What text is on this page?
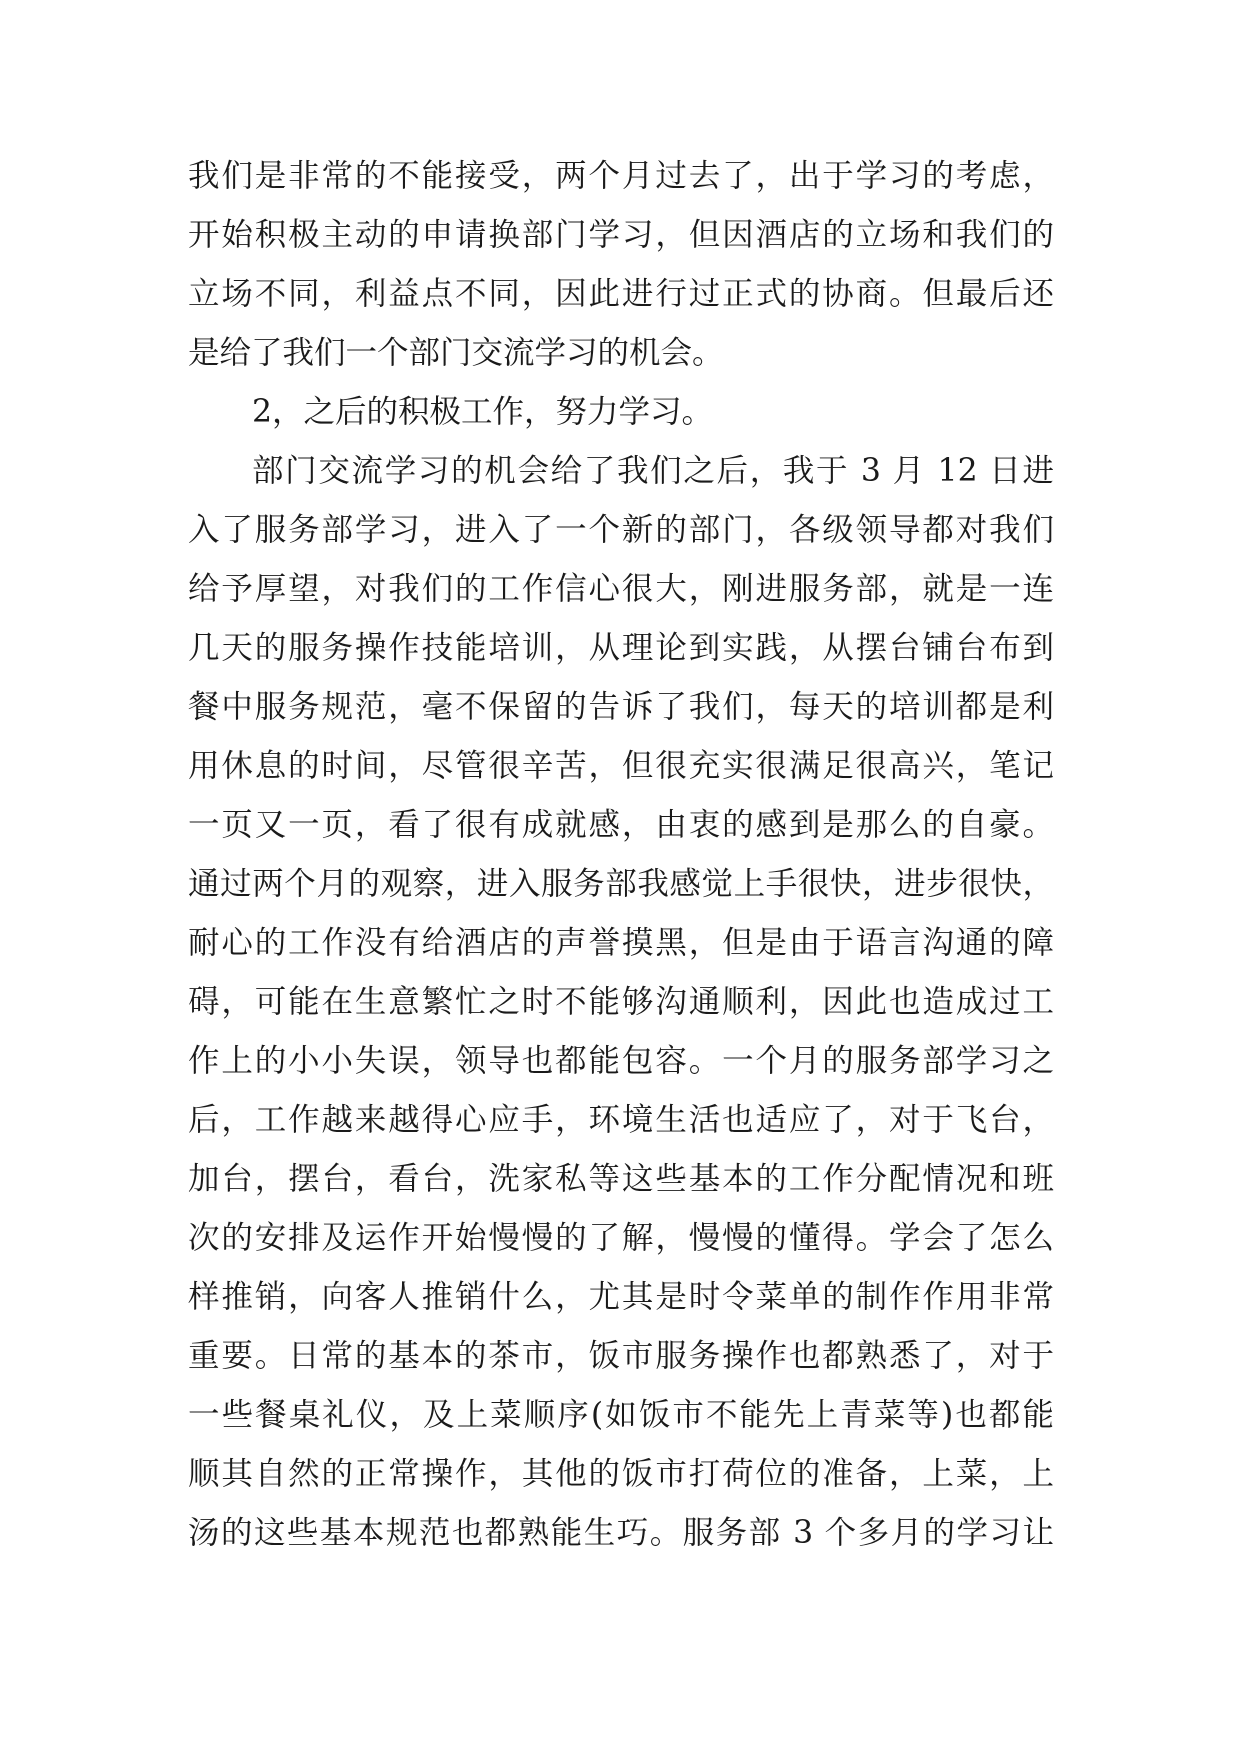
我们是非常的不能接受，两个月过去了，出于学习的考虑，
开始积极主动的申请换部门学习，但因酒店的立场和我们的
立场不同，利益点不同，因此进行过正式的协商。但最后还
是给了我们一个部门交流学习的机会。
2，之后的积极工作，努力学习。
部门交流学习的机会给了我们之后，我于 3 月 12 日进
入了服务部学习，进入了一个新的部门，各级领导都对我们
给予厚望，对我们的工作信心很大，刚进服务部，就是一连
几天的服务操作技能培训，从理论到实践，从摆台铺台布到
餐中服务规范，毫不保留的告诉了我们，每天的培训都是利
用休息的时间，尽管很辛苦，但很充实很满足很高兴，笔记
一页又一页，看了很有成就感，由衷的感到是那么的自豪。
通过两个月的观察，进入服务部我感觉上手很快，进步很快，
耐心的工作没有给酒店的声誉摸黑，但是由于语言沟通的障
碍，可能在生意繁忙之时不能够沟通顺利，因此也造成过工
作上的小小失误，领导也都能包容。一个月的服务部学习之
后，工作越来越得心应手，环境生活也适应了，对于飞台，
加台，摆台，看台，洗家私等这些基本的工作分配情况和班
次的安排及运作开始慢慢的了解，慢慢的懂得。学会了怎么
样推销，向客人推销什么，尤其是时令菜单的制作作用非常
重要。日常的基本的茶市，饭市服务操作也都熟悉了，对于
一些餐桌礼仪，及上菜顺序(如饭市不能先上青菜等)也都能
顺其自然的正常操作，其他的饭市打荷位的准备，上菜，上
汤的这些基本规范也都熟能生巧。服务部 3 个多月的学习让
